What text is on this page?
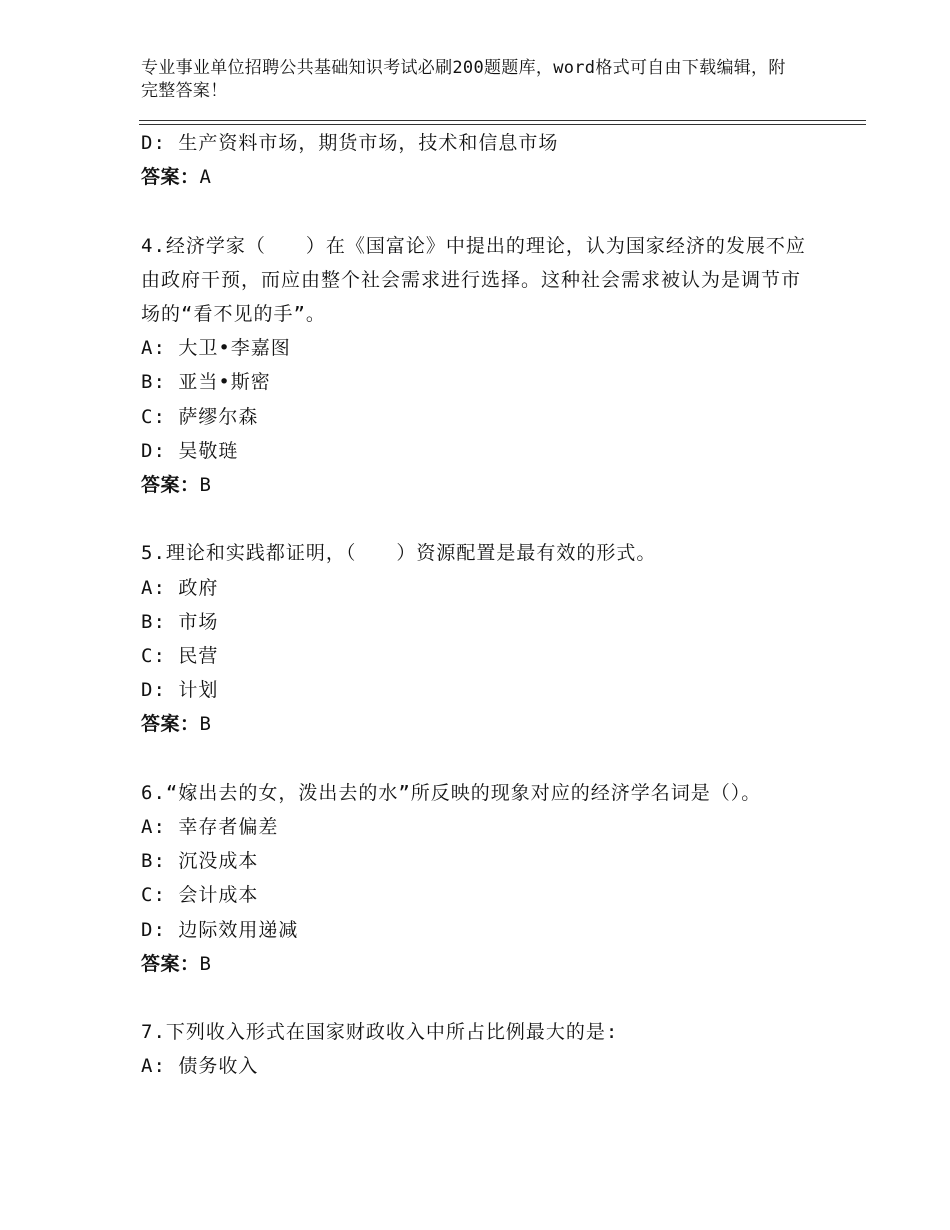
专业事业单位招聘公共基础知识考试必刷200题题库，word格式可自由下载编辑，附完整答案！
D: 生产资料市场，期货市场，技术和信息市场
答案：A
4.经济学家（　　）在《国富论》中提出的理论，认为国家经济的发展不应由政府干预，而应由整个社会需求进行选择。这种社会需求被认为是调节市场的“看不见的手”。
A: 大卫•李嘉图
B: 亚当•斯密
C: 萨缪尔森
D: 吴敬琏
答案：B
5.理论和实践都证明，（　　）资源配置是最有效的形式。
A: 政府
B: 市场
C: 民营
D: 计划
答案：B
6.“嫁出去的女，泼出去的水”所反映的现象对应的经济学名词是（）。
A: 幸存者偏差
B: 沉没成本
C: 会计成本
D: 边际效用递减
答案：B
7.下列收入形式在国家财政收入中所占比例最大的是:
A: 债务收入
